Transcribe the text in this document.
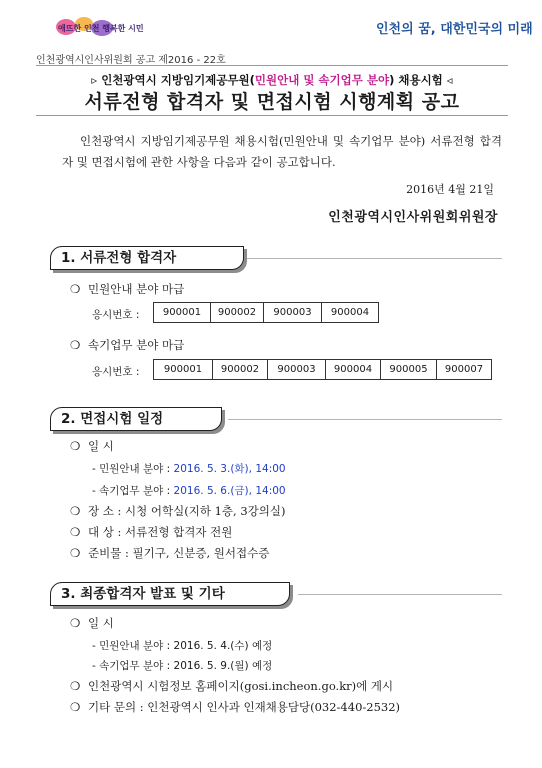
애뜨한 인천 행복한 시민	인천의 꿈, 대한민국의 미래
인천광역시인사위원회 공고 제2016 - 22호
▹ 인천광역시 지방임기제공무원(민원안내 및 속기업무 분야) 채용시험 ◃
서류전형 합격자 및 면접시험 시행계획 공고
인천광역시 지방임기제공무원 채용시험(민원안내 및 속기업무 분야) 서류전형 합격자 및 면접시험에 관한 사항을 다음과 같이 공고합니다.
2016년 4월 21일
인천광역시인사위원회위원장
1. 서류전형 합격자
❍ 민원안내 분야 마급
응시번호 : 900001	900002	900003	900004
❍ 속기업무 분야 마급
응시번호 : 900001	900002	900003	900004	900005	900007
2. 면접시험 일정
❍ 일 시
- 민원안내 분야 : 2016. 5. 3.(화), 14:00
- 속기업무 분야 : 2016. 5. 6.(금), 14:00
❍ 장 소 : 시청 어학실(지하 1층, 3강의실)
❍ 대 상 : 서류전형 합격자 전원
❍ 준비물 : 필기구, 신분증, 원서접수증
3. 최종합격자 발표 및 기타
❍ 일 시
- 민원안내 분야 : 2016. 5. 4.(수) 예정
- 속기업무 분야 : 2016. 5. 9.(월) 예정
❍ 인천광역시 시험정보 홈페이지(gosi.incheon.go.kr)에 게시
❍ 기타 문의 : 인천광역시 인사과 인재채용담당(032-440-2532)
